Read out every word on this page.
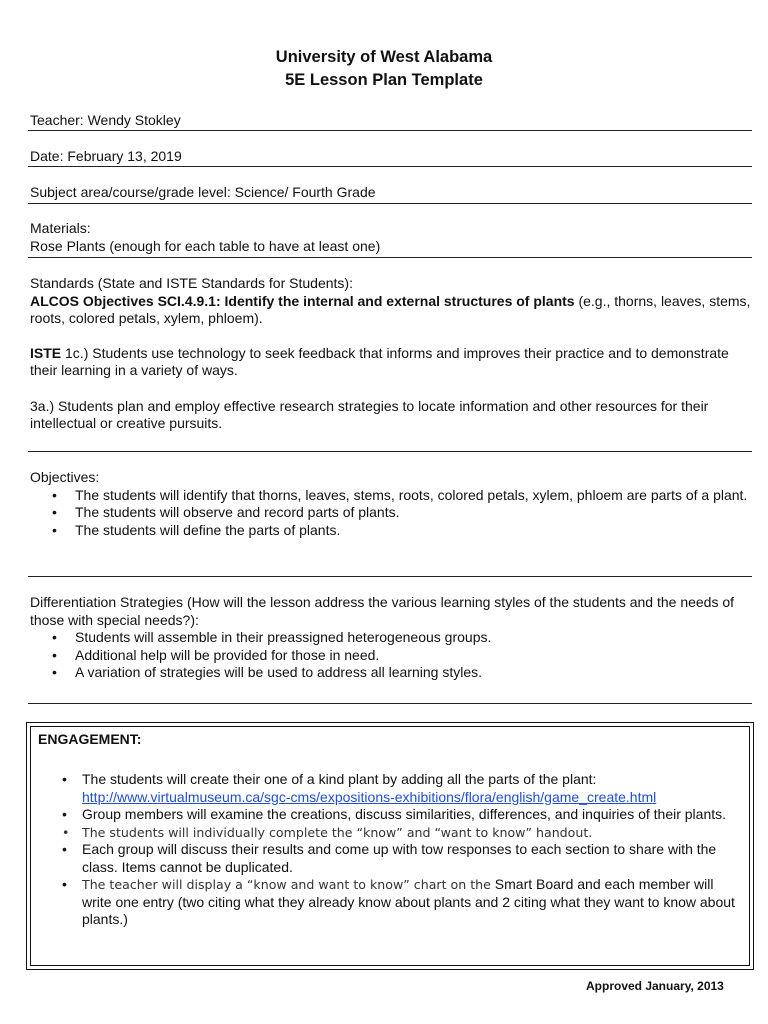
University of West Alabama
5E Lesson Plan Template
Teacher: Wendy Stokley
Date: February 13, 2019
Subject area/course/grade level: Science/ Fourth Grade

Materials:

Rose Plants (enough for each table to have at least one)

Standards (State and ISTE Standards for Students):

ALCOS Objectives SCI.4.9.1: Identify the internal and external structures of plants (e.g., thorns, leaves, stems, roots, colored petals, xylem, phloem).

ISTE 1c.) Students use technology to seek feedback that informs and improves their practice and to demonstrate their learning in a variety of ways.

3a.) Students plan and employ effective research strategies to locate information and other resources for their intellectual or creative pursuits.

Objectives:

• The students will identify that thorns, leaves, stems, roots, colored petals, xylem, phloem are parts of a plant.
• The students will observe and record parts of plants.
• The students will define the parts of plants.

Differentiation Strategies (How will the lesson address the various learning styles of the students and the needs of those with special needs?):

• Students will assemble in their preassigned heterogeneous groups.
• Additional help will be provided for those in need.
• A variation of strategies will be used to address all learning styles.
ENGAGEMENT:
• The students will create their one of a kind plant by adding all the parts of the plant:
http://www.virtualmuseum.ca/sgc-cms/expositions-exhibitions/flora/english/game_create.html
• Group members will examine the creations, discuss similarities, differences, and inquiries of their plants.
• The students will individually complete the “know” and “want to know” handout.
• Each group will discuss their results and come up with tow responses to each section to share with the class. Items cannot be duplicated.
• The teacher will display a “know and want to know” chart on the Smart Board and each member will write one entry (two citing what they already know about plants and 2 citing what they want to know about plants.)
Approved January, 2013
